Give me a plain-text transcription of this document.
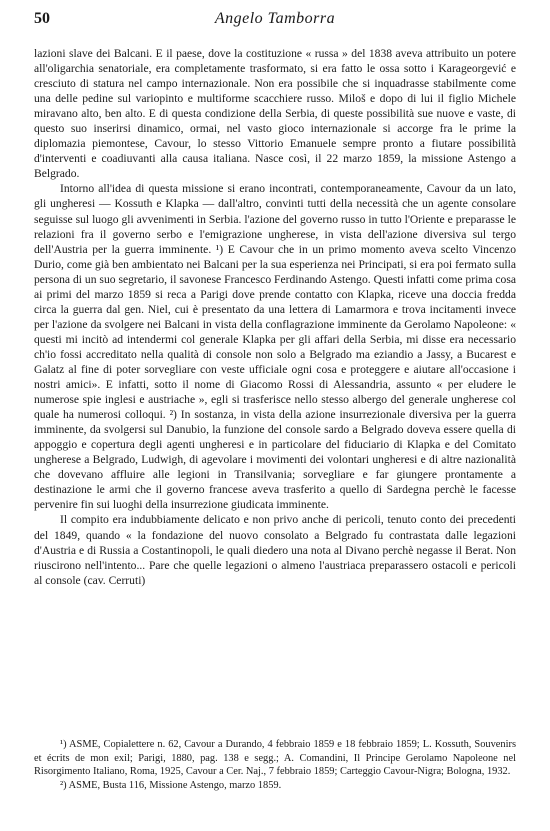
50	Angelo Tamborra

lazioni slave dei Balcani. E il paese, dove la costituzione « russa » del 1838 aveva attribuito un potere all'oligarchia senatoriale, era completamente trasformato, si era fatto le ossa sotto i Karageorgević e cresciuto di statura nel campo internazionale. Non era possibile che si inquadrasse stabilmente come una delle pedine sul variopinto e multiforme scacchiere russo. Miloš e dopo di lui il figlio Michele miravano alto, ben alto. E di questa condizione della Serbia, di queste possibilità sue nuove e vaste, di questo suo inserirsi dinamico, ormai, nel vasto gioco internazionale si accorge fra le prime la diplomazia piemontese, Cavour, lo stesso Vittorio Emanuele sempre pronto a fiutare possibilità d'interventi e coadiuvanti alla causa italiana. Nasce così, il 22 marzo 1859, la missione Astengo a Belgrado.

Intorno all'idea di questa missione si erano incontrati, contemporaneamente, Cavour da un lato, gli ungheresi — Kossuth e Klapka — dall'altro, convinti tutti della necessità che un agente consolare seguisse sul luogo gli avvenimenti in Serbia. l'azione del governo russo in tutto l'Oriente e preparasse le relazioni fra il governo serbo e l'emigrazione ungherese, in vista dell'azione diversiva sul tergo dell'Austria per la guerra imminente. ¹) E Cavour che in un primo momento aveva scelto Vincenzo Durio, come già ben ambientato nei Balcani per la sua esperienza nei Principati, si era poi fermato sulla persona di un suo segretario, il savonese Francesco Ferdinando Astengo. Questi infatti come prima cosa ai primi del marzo 1859 si reca a Parigi dove prende contatto con Klapka, riceve una doccia fredda circa la guerra dal gen. Niel, cui è presentato da una lettera di Lamarmora e trova incitamenti invece per l'azione da svolgere nei Balcani in vista della conflagrazione imminente da Gerolamo Napoleone: « questi mi incitò ad intendermi col generale Klapka per gli affari della Serbia, mi disse era necessario ch'io fossi accreditato nella qualità di console non solo a Belgrado ma eziandio a Jassy, a Bucarest e Galatz al fine di poter sorvegliare con veste ufficiale ogni cosa e proteggere e aiutare all'occasione i nostri amici». E infatti, sotto il nome di Giacomo Rossi di Alessandria, assunto « per eludere le numerose spie inglesi e austriache », egli si trasferisce nello stesso albergo del generale ungherese col quale ha numerosi colloqui. ²) In sostanza, in vista della azione insurrezionale diversiva per la guerra imminente, da svolgersi sul Danubio, la funzione del console sardo a Belgrado doveva essere quella di appoggio e copertura degli agenti ungheresi e in particolare del fiduciario di Klapka e del Comitato ungherese a Belgrado, Ludwigh, di agevolare i movimenti dei volontari ungheresi e di altre nazionalità che dovevano affluire alle legioni in Transilvania; sorvegliare e far giungere prontamente a destinazione le armi che il governo francese aveva trasferito a quello di Sardegna perchè le facesse pervenire fin sui luoghi della insurrezione giudicata imminente.

Il compito era indubbiamente delicato e non privo anche di pericoli, tenuto conto dei precedenti del 1849, quando « la fondazione del nuovo consolato a Belgrado fu contrastata dalle legazioni d'Austria e di Russia a Costantinopoli, le quali diedero una nota al Divano perchè negasse il Berat. Non riuscirono nell'intento... Pare che quelle legazioni o almeno l'austriaca preparassero ostacoli e pericoli al console (cav. Cerruti)

¹) ASME, Copialettere n. 62, Cavour a Durando, 4 febbraio 1859 e 18 febbraio 1859; L. Kossuth, Souvenirs et écrits de mon exil; Parigi, 1880, pag. 138 e segg.; A. Comandini, Il Principe Gerolamo Napoleone nel Risorgimento Italiano, Roma, 1925, Cavour a Cer. Naj., 7 febbraio 1859; Carteggio Cavour-Nigra; Bologna, 1932.

²) ASME, Busta 116, Missione Astengo, marzo 1859.
